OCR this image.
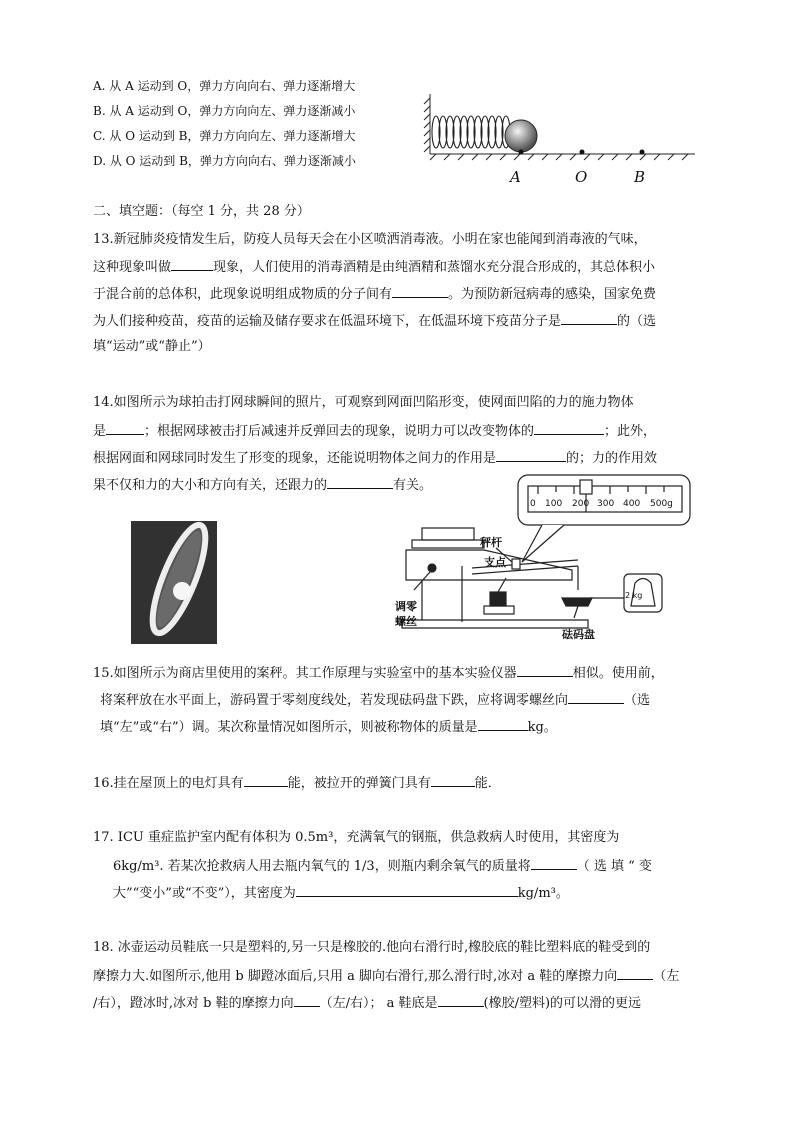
A. 从 A 运动到 O，弹力方向向右、弹力逐渐增大
B. 从 A 运动到 O，弹力方向向左、弹力逐渐减小
C. 从 O 运动到 B，弹力方向向左、弹力逐渐增大
D. 从 O 运动到 B，弹力方向向右、弹力逐渐减小
A	O	B
二、填空题：（每空 1 分，共 28 分）
13.新冠肺炎疫情发生后，防疫人员每天会在小区喷洒消毒液。小明在家也能闻到消毒液的气味，
这种现象叫做	现象，人们使用的消毒酒精是由纯酒精和蒸馏水充分混合形成的，其总体积小
于混合前的总体积，此现象说明组成物质的分子间有	。为预防新冠病毒的感染，国家免费
为人们接种疫苗，疫苗的运输及储存要求在低温环境下，在低温环境下疫苗分子是	的（选
填“运动”或“静止”）
14.如图所示为球拍击打网球瞬间的照片，可观察到网面凹陷形变，使网面凹陷的力的施力物体
是	；根据网球被击打后减速并反弹回去的现象，说明力可以改变物体的	；此外，
根据网面和网球同时发生了形变的现象，还能说明物体之间力的作用是	的；力的作用效
果不仅和力的大小和方向有关，还跟力的	有关。
0 100 200 300 400 500g
秤杆
支点
调零
螺丝
砝码盘
2 kg
15.如图所示为商店里使用的案秤。其工作原理与实验室中的基本实验仪器	相似。使用前，
将案秤放在水平面上，游码置于零刻度线处，若发现砝码盘下跌，应将调零螺丝向	（选
填“左”或“右”）调。某次称量情况如图所示，则被称物体的质量是	kg。
16.挂在屋顶上的电灯具有	能，被拉开的弹簧门具有	能．
17. ICU 重症监护室内配有体积为 0.5m³，充满氧气的钢瓶，供急救病人时使用，其密度为
6kg/m³. 若某次抢救病人用去瓶内氧气的 1/3，则瓶内剩余氧气的质量将	（ 选 填 “ 变
大”“变小”或“不变”），其密度为	kg/m³。
18. 冰壶运动员鞋底一只是塑料的,另一只是橡胶的.他向右滑行时,橡胶底的鞋比塑料底的鞋受到的
摩擦力大.如图所示,他用 b 脚蹬冰面后,只用 a 脚向右滑行,那么滑行时,冰对 a 鞋的摩擦力向	（左
/右），蹬冰时,冰对 b 鞋的摩擦力向 （左/右）； a 鞋底是	(橡胶/塑料)的可以滑的更远
